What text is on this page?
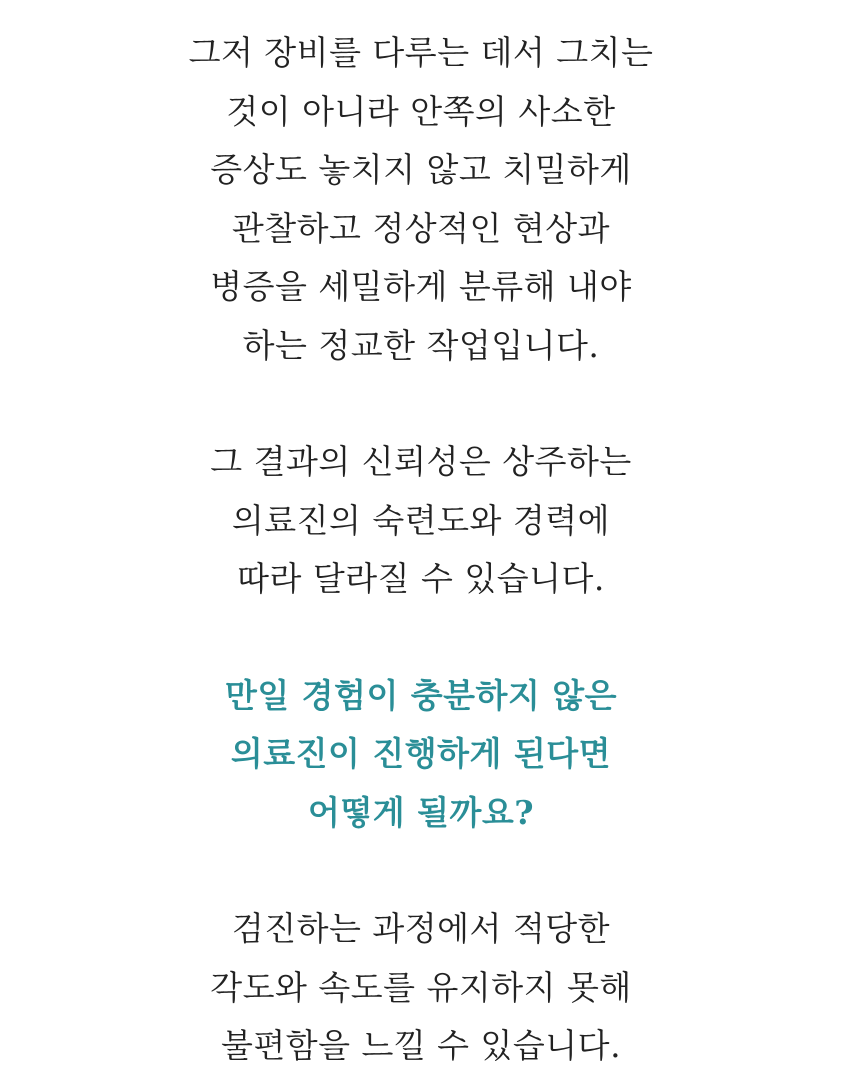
그저 장비를 다루는 데서 그치는
것이 아니라 안쪽의 사소한
증상도 놓치지 않고 치밀하게
관찰하고 정상적인 현상과
병증을 세밀하게 분류해 내야
하는 정교한 작업입니다.

그 결과의 신뢰성은 상주하는
의료진의 숙련도와 경력에
따라 달라질 수 있습니다.

만일 경험이 충분하지 않은
의료진이 진행하게 된다면
어떻게 될까요?

검진하는 과정에서 적당한
각도와 속도를 유지하지 못해
불편함을 느낄 수 있습니다.
